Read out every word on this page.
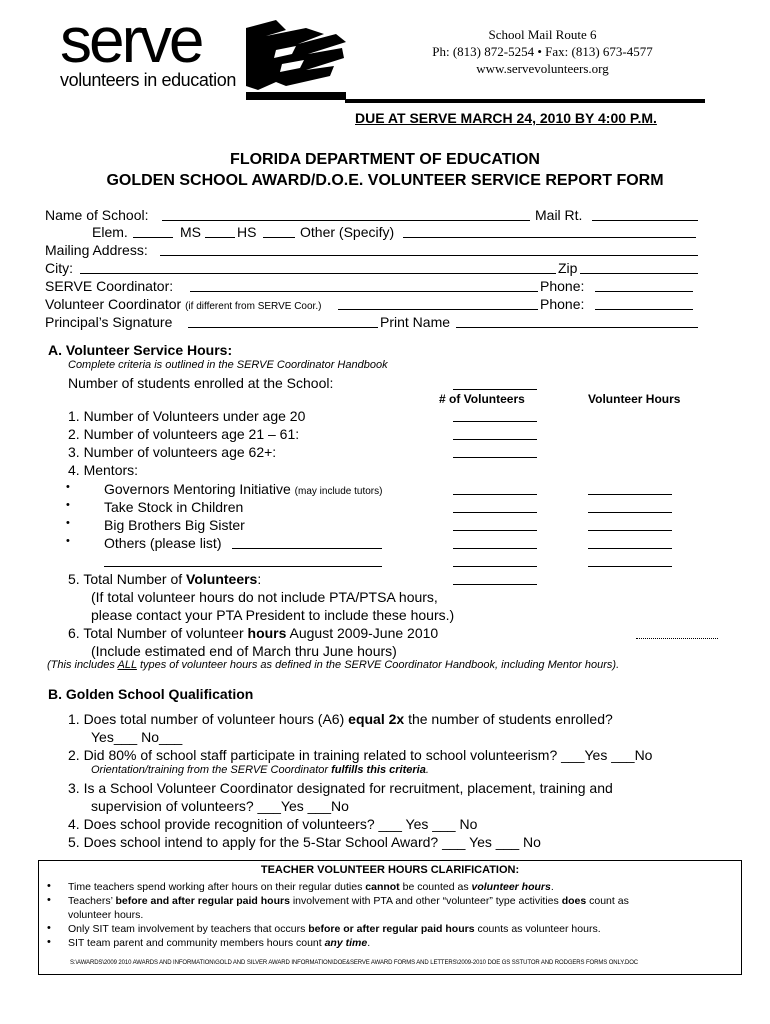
serve
volunteers in education
School Mail Route 6
Ph: (813) 872-5254 • Fax: (813) 673-4577
www.servevolunteers.org
DUE AT SERVE MARCH 24, 2010 BY 4:00 P.M.
FLORIDA DEPARTMENT OF EDUCATION
GOLDEN SCHOOL AWARD/D.O.E. VOLUNTEER SERVICE REPORT FORM
Name of School:	Mail Rt.
Elem.	MS	HS	Other (Specify)
Mailing Address:
City:	Zip
SERVE Coordinator:	Phone:
Volunteer Coordinator (if different from SERVE Coor.)	Phone:
Principal’s Signature	Print Name
A. Volunteer Service Hours:
Complete criteria is outlined in the SERVE Coordinator Handbook
Number of students enrolled at the School:
# of Volunteers	Volunteer Hours
1. Number of Volunteers under age 20
2. Number of volunteers age 21 – 61:
3. Number of volunteers age 62+:
4. Mentors:
• Governors Mentoring Initiative (may include tutors)
• Take Stock in Children
• Big Brothers Big Sister
• Others (please list)
5. Total Number of Volunteers:
(If total volunteer hours do not include PTA/PTSA hours,
please contact your PTA President to include these hours.)
6. Total Number of volunteer hours August 2009-June 2010
(Include estimated end of March thru June hours)
(This includes ALL types of volunteer hours as defined in the SERVE Coordinator Handbook, including Mentor hours).
B. Golden School Qualification
1. Does total number of volunteer hours (A6) equal 2x the number of students enrolled?
Yes___ No___
2. Did 80% of school staff participate in training related to school volunteerism? ___Yes ___No
Orientation/training from the SERVE Coordinator fulfills this criteria.
3. Is a School Volunteer Coordinator designated for recruitment, placement, training and
supervision of volunteers? ___Yes ___No
4. Does school provide recognition of volunteers? ___ Yes ___ No
5. Does school intend to apply for the 5-Star School Award? ___ Yes ___ No
TEACHER VOLUNTEER HOURS CLARIFICATION:
• Time teachers spend working after hours on their regular duties cannot be counted as volunteer hours.
• Teachers’ before and after regular paid hours involvement with PTA and other “volunteer” type activities does count as
volunteer hours.
• Only SIT team involvement by teachers that occurs before or after regular paid hours counts as volunteer hours.
• SIT team parent and community members hours count any time.
S:\AWARDS\2009 2010 AWARDS AND INFORMATION\GOLD AND SILVER AWARD INFORMATION\DOE&SERVE AWARD FORMS AND LETTERS\2009-2010 DOE GS SSTUTOR AND RODGERS FORMS ONLY.DOC
